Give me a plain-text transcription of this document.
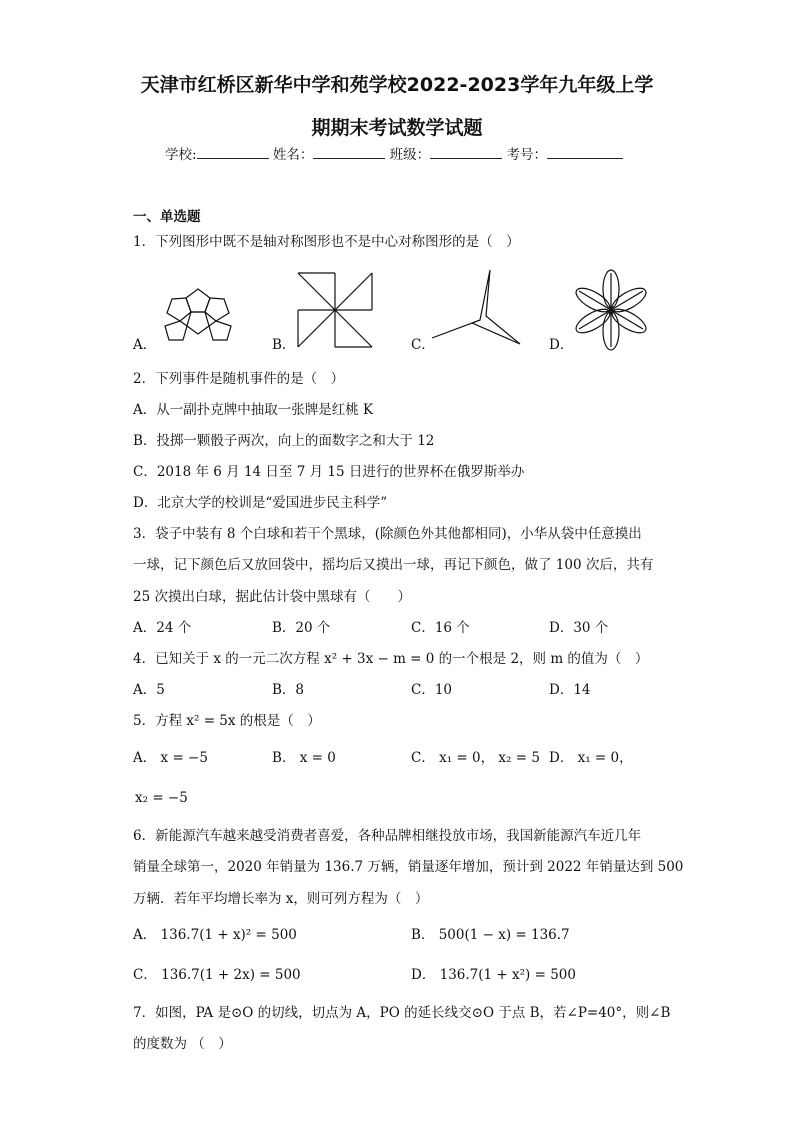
天津市红桥区新华中学和苑学校2022-2023学年九年级上学
期期末考试数学试题
学校:	姓名：	班级：	考号：
一、单选题
1．下列图形中既不是轴对称图形也不是中心对称图形的是（　）
A．	B．	C．	D．
2．下列事件是随机事件的是（　）
A．从一副扑克牌中抽取一张牌是红桃 K
B．投掷一颗骰子两次，向上的面数字之和大于 12
C．2018 年 6 月 14 日至 7 月 15 日进行的世界杯在俄罗斯举办
D．北京大学的校训是“爱国进步民主科学”
3．袋子中装有 8 个白球和若干个黑球，(除颜色外其他都相同)，小华从袋中任意摸出
一球，记下颜色后又放回袋中，摇均后又摸出一球，再记下颜色，做了 100 次后，共有
25 次摸出白球，据此估计袋中黑球有（　　）
A．24 个	B．20 个	C．16 个	D．30 个
4．已知关于 x 的一元二次方程 x² + 3x − m = 0 的一个根是 2，则 m 的值为（　）
A．5	B．8	C．10	D．14
5．方程 x² = 5x 的根是（　）
A． x = −5	B． x = 0	C． x₁ = 0， x₂ = 5 D． x₁ = 0，
x₂ = −5
6．新能源汽车越来越受消费者喜爱，各种品牌相继投放市场，我国新能源汽车近几年
销量全球第一，2020 年销量为 136.7 万辆，销量逐年增加，预计到 2022 年销量达到 500
万辆．若年平均增长率为 x，则可列方程为（　）
A． 136.7(1 + x)² = 500	B． 500(1 − x) = 136.7
C． 136.7(1 + 2x) = 500	D． 136.7(1 + x²) = 500
7．如图，PA 是⊙O 的切线，切点为 A，PO 的延长线交⊙O 于点 B，若∠P=40°，则∠B
的度数为 （　）
